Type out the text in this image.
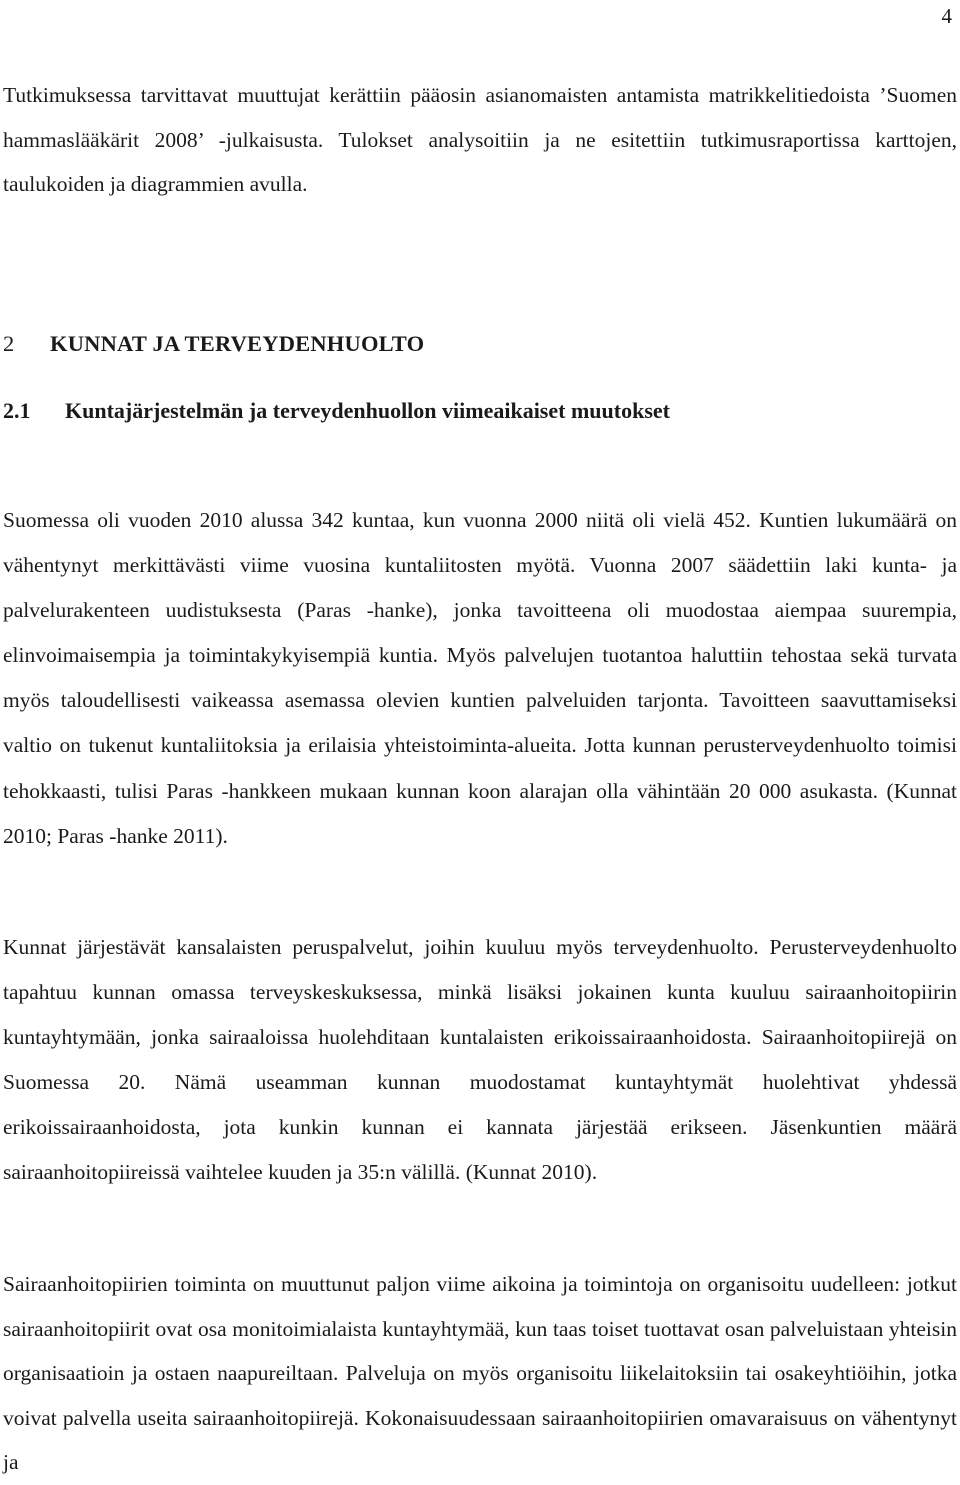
4

Tutkimuksessa tarvittavat muuttujat kerättiin pääosin asianomaisten antamista matrikkelitiedoista ’Suomen hammaslääkärit 2008’ -julkaisusta. Tulokset analysoitiin ja ne esitettiin tutkimusraportissa karttojen, taulukoiden ja diagrammien avulla.

2 KUNNAT JA TERVEYDENHUOLTO
2.1 Kuntajärjestelmän ja terveydenhuollon viimeaikaiset muutokset

Suomessa oli vuoden 2010 alussa 342 kuntaa, kun vuonna 2000 niitä oli vielä 452. Kuntien lukumäärä on vähentynyt merkittävästi viime vuosina kuntaliitosten myötä. Vuonna 2007 säädettiin laki kunta- ja palvelurakenteen uudistuksesta (Paras -hanke), jonka tavoitteena oli muodostaa aiempaa suurempia, elinvoimaisempia ja toimintakykyisempiä kuntia. Myös palvelujen tuotantoa haluttiin tehostaa sekä turvata myös taloudellisesti vaikeassa asemassa olevien kuntien palveluiden tarjonta. Tavoitteen saavuttamiseksi valtio on tukenut kuntaliitoksia ja erilaisia yhteistoiminta-alueita. Jotta kunnan perusterveydenhuolto toimisi tehokkaasti, tulisi Paras -hankkeen mukaan kunnan koon alarajan olla vähintään 20 000 asukasta. (Kunnat 2010; Paras -hanke 2011).

Kunnat järjestävät kansalaisten peruspalvelut, joihin kuuluu myös terveydenhuolto. Perusterveydenhuolto tapahtuu kunnan omassa terveyskeskuksessa, minkä lisäksi jokainen kunta kuuluu sairaanhoitopiirin kuntayhtymään, jonka sairaaloissa huolehditaan kuntalaisten erikoissairaanhoidosta. Sairaanhoitopiirejä on Suomessa 20. Nämä useamman kunnan muodostamat kuntayhtymät huolehtivat yhdessä erikoissairaanhoidosta, jota kunkin kunnan ei kannata järjestää erikseen. Jäsenkuntien määrä sairaanhoitopiireissä vaihtelee kuuden ja 35:n välillä. (Kunnat 2010).

Sairaanhoitopiirien toiminta on muuttunut paljon viime aikoina ja toimintoja on organisoitu uudelleen: jotkut sairaanhoitopiirit ovat osa monitoimialaista kuntayhtymää, kun taas toiset tuottavat osan palveluistaan yhteisin organisaatioin ja ostaen naapureiltaan. Palveluja on myös organisoitu liikelaitoksiin tai osakeyhtiöihin, jotka voivat palvella useita sairaanhoitopiirejä. Kokonaisuudessaan sairaanhoitopiirien omavaraisuus on vähentynyt ja
